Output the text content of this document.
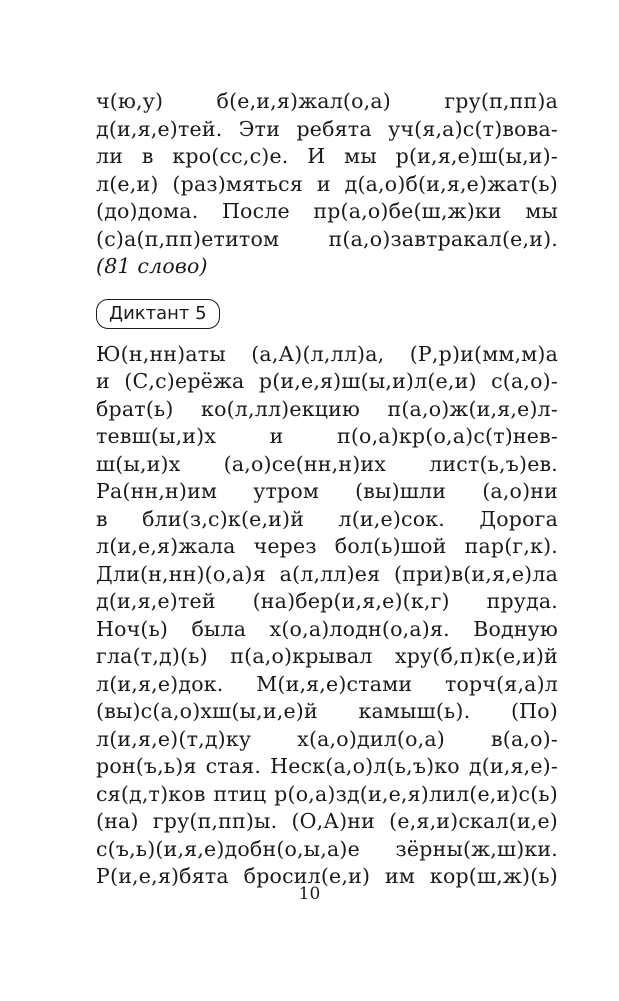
ч(ю,у) б(е,и,я)жал(о,а) гру(п,пп)а
д(и,я,е)тей. Эти ребята уч(я,а)с(т)вова-
ли в кро(сс,с)е. И мы р(и,я,е)ш(ы,и)-
л(е,и) (раз)мяться и д(а,о)б(и,я,е)жат(ь)
(до)дома. После пр(а,о)бе(ш,ж)ки мы
(с)а(п,пп)етитом п(а,о)завтракал(е,и).
(81 слово)
Диктант 5
Ю(н,нн)аты (а,А)(л,лл)а, (Р,р)и(мм,м)а
и (С,с)ерёжа р(и,е,я)ш(ы,и)л(е,и) с(а,о)-
брат(ь) ко(л,лл)екцию п(а,о)ж(и,я,е)л-
тевш(ы,и)х и п(о,а)кр(о,а)с(т)нев-
ш(ы,и)х (а,о)се(нн,н)их лист(ь,ъ)ев.
Ра(нн,н)им утром (вы)шли (а,о)ни
в бли(з,с)к(е,и)й л(и,е)сок. Дорога
л(и,е,я)жала через бол(ь)шой пар(г,к).
Дли(н,нн)(о,а)я а(л,лл)ея (при)в(и,я,е)ла
д(и,я,е)тей (на)бер(и,я,е)(к,г) пруда.
Ноч(ь) была х(о,а)лодн(о,а)я. Водную
гла(т,д)(ь) п(а,о)крывал хру(б,п)к(е,и)й
л(и,я,е)док. М(и,я,е)стами торч(я,а)л
(вы)с(а,о)хш(ы,и,е)й камыш(ь). (По)
л(и,я,е)(т,д)ку х(а,о)дил(о,а) в(а,о)-
рон(ъ,ь)я стая. Неск(а,о)л(ь,ъ)ко д(и,я,е)-
ся(д,т)ков птиц р(о,а)зд(и,е,я)лил(е,и)с(ь)
(на) гру(п,пп)ы. (О,А)ни (е,я,и)скал(и,е)
с(ъ,ь)(и,я,е)добн(о,ы,а)е зёрны(ж,ш)ки.
Р(и,е,я)бята бросил(е,и) им кор(ш,ж)(ь)
10
